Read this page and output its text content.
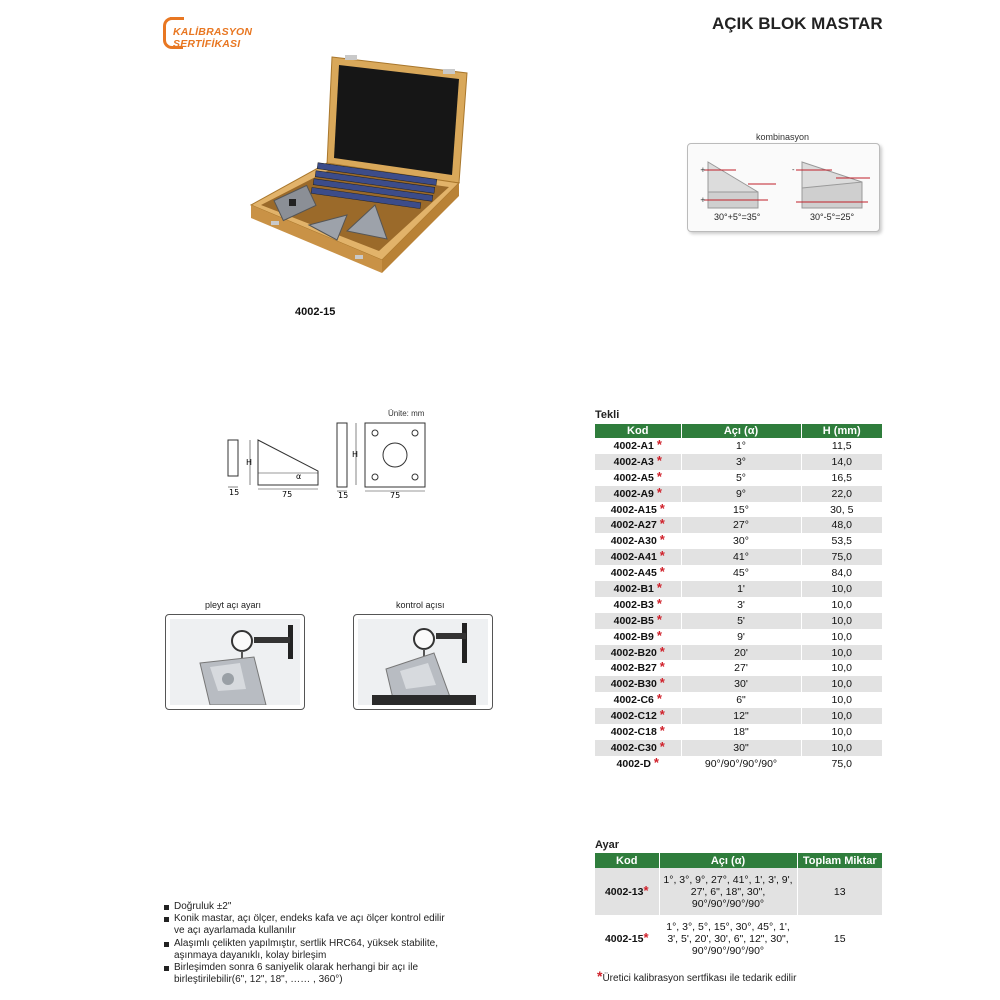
KALİBRASYON
SERTİFİKASI
AÇIK BLOK MASTAR
4002-15
kombinasyon
+
+
30°+5°=35°
-
30°-5°=25°
Ünite: mm
15
H
α
75	15
H
75
pleyt açı ayarı	kontrol açısı
Tekli
Kod	Açı (α)	H (mm)
4002-A1 *	1°	11,5
4002-A3 *	3°	14,0
4002-A5 *	5°	16,5
4002-A9 *	9°	22,0
4002-A15 *	15°	30, 5
4002-A27 *	27°	48,0
4002-A30 *	30°	53,5
4002-A41 *	41°	75,0
4002-A45 *	45°	84,0
4002-B1 *	1'	10,0
4002-B3 *	3'	10,0
4002-B5 *	5'	10,0
4002-B9 *	9'	10,0
4002-B20 *	20'	10,0
4002-B27 *	27'	10,0
4002-B30 *	30'	10,0
4002-C6 *	6"	10,0
4002-C12 *	12"	10,0
4002-C18 *	18"	10,0
4002-C30 *	30"	10,0
4002-D *	90°/90°/90°/90°	75,0
Ayar
Kod	Açı (α)	Toplam Miktar
4002-13*	1°, 3°, 9°, 27°, 41°, 1', 3', 9', 27', 6", 18", 30", 90°/90°/90°/90°	13
4002-15*	1°, 3°, 5°, 15°, 30°, 45°, 1', 3', 5', 20', 30', 6", 12", 30", 90°/90°/90°/90°	15
*Üretici kalibrasyon sertfikası ile tedarik edilir
Doğruluk ±2"
Konik mastar, açı ölçer, endeks kafa ve açı ölçer kontrol edilir ve açı ayarlamada kullanılır
Alaşımlı çelikten yapılmıştır, sertlik HRC64, yüksek stabilite, aşınmaya dayanıklı, kolay birleşim
Birleşimden sonra 6 saniyelik olarak herhangi bir açı ile birleştirilebilir(6", 12", 18", …… , 360°)
